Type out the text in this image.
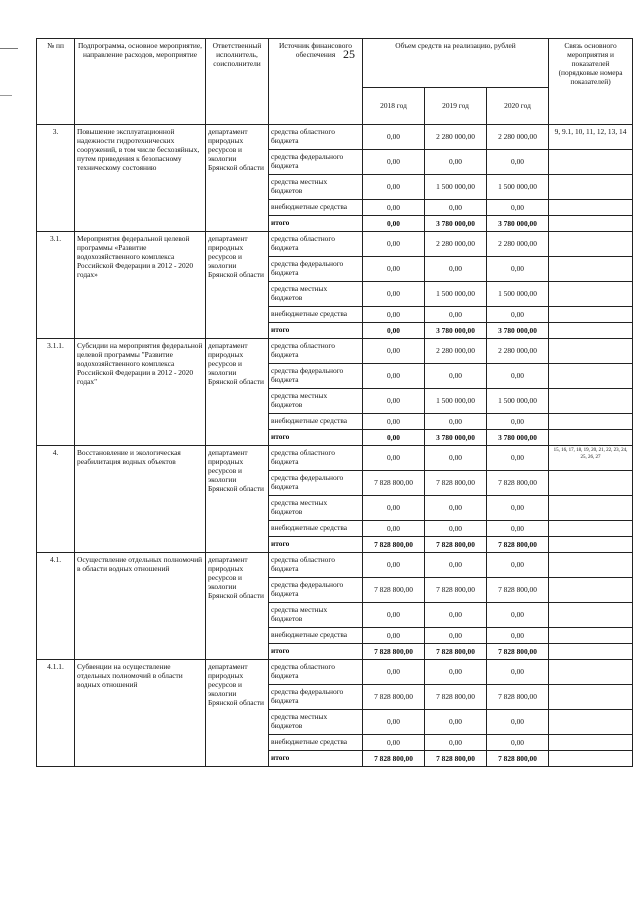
25
№ пп	Подпрограмма, основное мероприятие, направление расходов, мероприятие	Ответственный исполнитель, соисполнители	Источник финансового обеспечения	Объем средств на реализацию, рублей			Связь основного мероприятия и показателей (порядковые номера показателей)
				2018 год	2019 год	2020 год	
3.	Повышение эксплуатационной надежности гидротехнических сооружений, в том числе бесхозяйных, путем приведения к безопасному техническому состоянию	департамент природных ресурсов и экологии Брянской области	средства областного бюджета	0,00	2 280 000,00	2 280 000,00	9, 9.1, 10, 11, 12, 13, 14
			средства федерального бюджета	0,00	0,00	0,00	
			средства местных бюджетов	0,00	1 500 000,00	1 500 000,00	
			внебюджетные средства	0,00	0,00	0,00	
			итого	0,00	3 780 000,00	3 780 000,00	
3.1.	Мероприятия федеральной целевой программы «Развитие водохозяйственного комплекса Российской Федерации в 2012 - 2020 годах»	департамент природных ресурсов и экологии Брянской области	средства областного бюджета	0,00	2 280 000,00	2 280 000,00	
			средства федерального бюджета	0,00	0,00	0,00	
			средства местных бюджетов	0,00	1 500 000,00	1 500 000,00	
			внебюджетные средства	0,00	0,00	0,00	
			итого	0,00	3 780 000,00	3 780 000,00	
3.1.1.	Субсидии на мероприятия федеральной целевой программы "Развитие водохозяйственного комплекса Российской Федерации в 2012 - 2020 годах"	департамент природных ресурсов и экологии Брянской области	средства областного бюджета	0,00	2 280 000,00	2 280 000,00	
			средства федерального бюджета	0,00	0,00	0,00	
			средства местных бюджетов	0,00	1 500 000,00	1 500 000,00	
			внебюджетные средства	0,00	0,00	0,00	
			итого	0,00	3 780 000,00	3 780 000,00	
4.	Восстановление и экологическая реабилитация водных объектов	департамент природных ресурсов и экологии Брянской области	средства областного бюджета	0,00	0,00	0,00	15, 16, 17, 18, 19, 20, 21, 22, 23, 24, 25, 26, 27
			средства федерального бюджета	7 828 800,00	7 828 800,00	7 828 800,00	
			средства местных бюджетов	0,00	0,00	0,00	
			внебюджетные средства	0,00	0,00	0,00	
			итого	7 828 800,00	7 828 800,00	7 828 800,00	
4.1.	Осуществление отдельных полномочий в области водных отношений	департамент природных ресурсов и экологии Брянской области	средства областного бюджета	0,00	0,00	0,00	
			средства федерального бюджета	7 828 800,00	7 828 800,00	7 828 800,00	
			средства местных бюджетов	0,00	0,00	0,00	
			внебюджетные средства	0,00	0,00	0,00	
			итого	7 828 800,00	7 828 800,00	7 828 800,00	
4.1.1.	Субвенции на осуществление отдельных полномочий в области водных отношений	департамент природных ресурсов и экологии Брянской области	средства областного бюджета	0,00	0,00	0,00	
			средства федерального бюджета	7 828 800,00	7 828 800,00	7 828 800,00	
			средства местных бюджетов	0,00	0,00	0,00	
			внебюджетные средства	0,00	0,00	0,00	
			итого	7 828 800,00	7 828 800,00	7 828 800,00	
